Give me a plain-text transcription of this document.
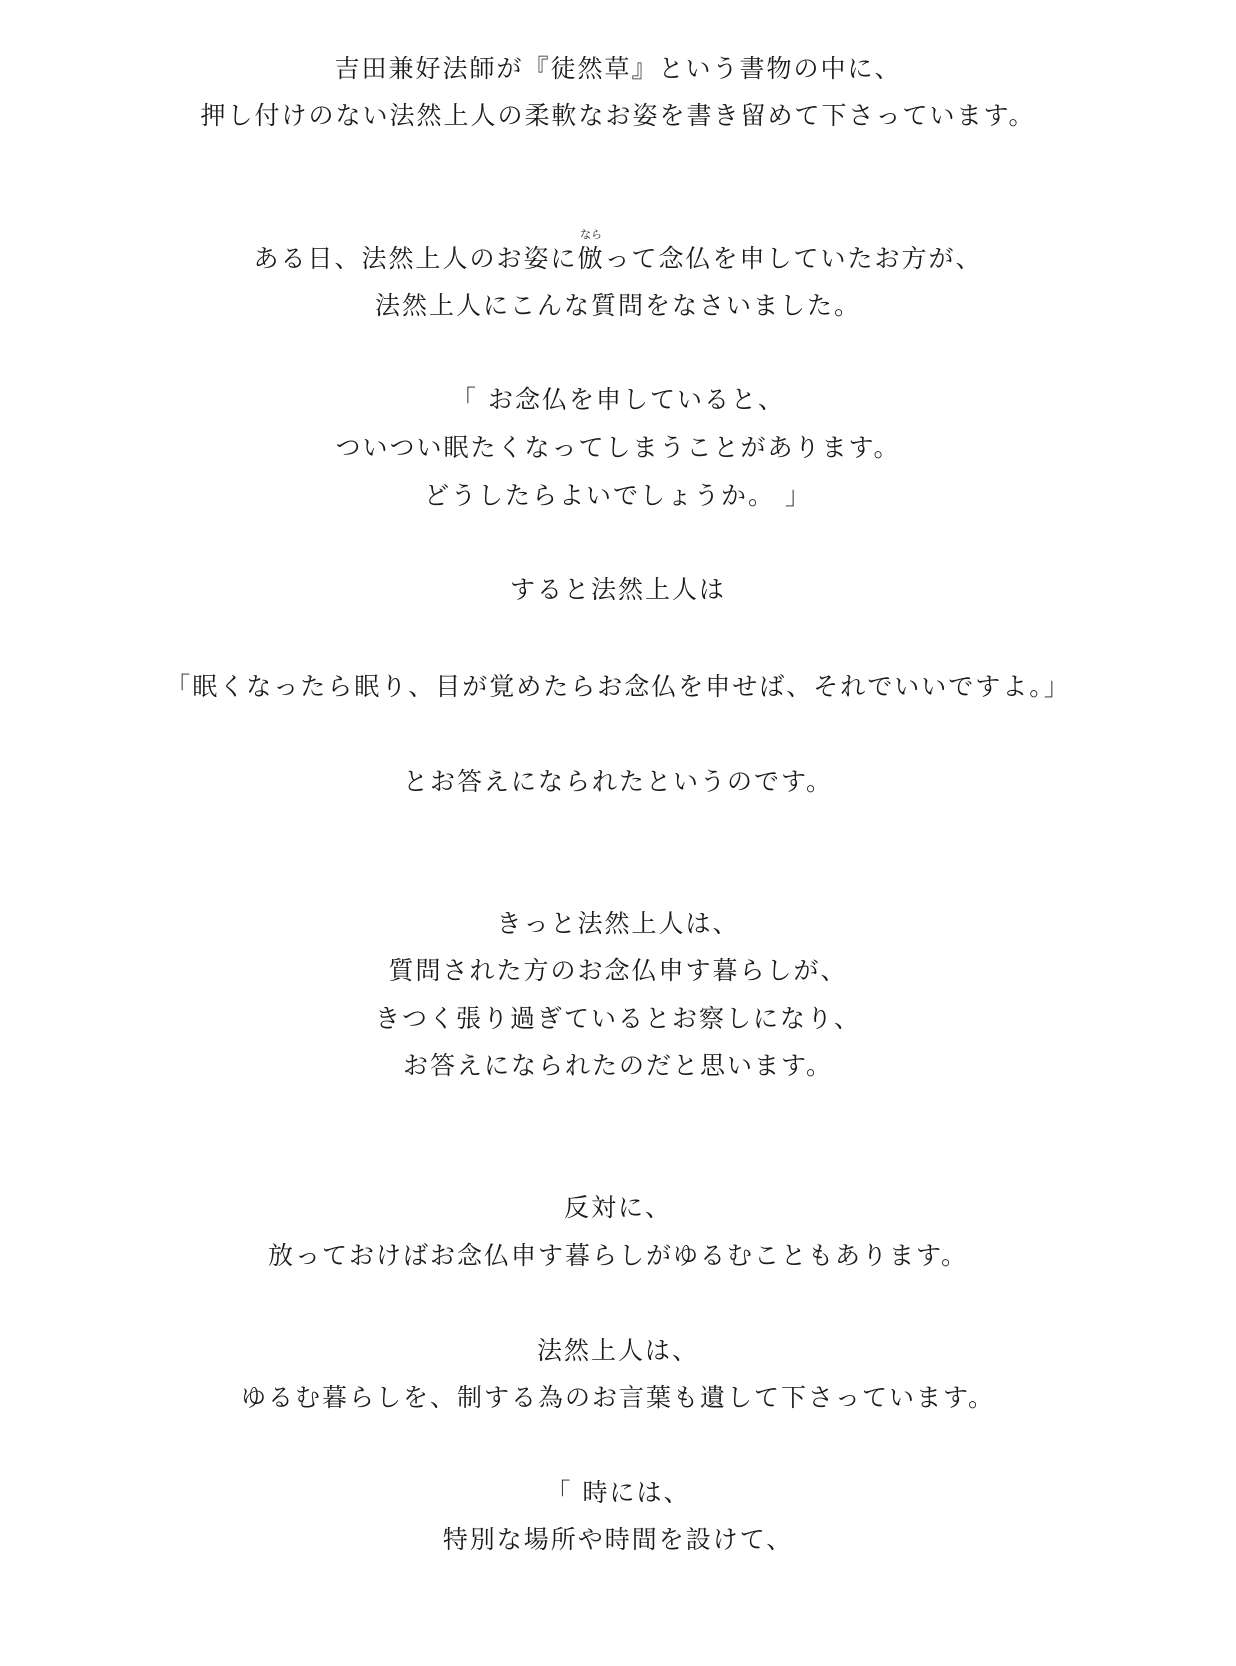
吉田兼好法師が『徒然草』という書物の中に、
押し付けのない法然上人の柔軟なお姿を書き留めて下さっています。
ある日、法然上人のお姿に
なら
倣って念仏を申していたお方が、
法然上人にこんな質問をなさいました。
「 お念仏を申していると、
ついつい眠たくなってしまうことがあります。
どうしたらよいでしょうか。 」
すると法然上人は
「眠くなったら眠り、目が覚めたらお念仏を申せば、それでいいですよ。」
とお答えになられたというのです。
きっと法然上人は、
質問された方のお念仏申す暮らしが、
きつく張り過ぎているとお察しになり、
お答えになられたのだと思います。
反対に、
放っておけばお念仏申す暮らしがゆるむこともあります。
法然上人は、
ゆるむ暮らしを、制する為のお言葉も遺して下さっています。
「 時には、
特別な場所や時間を設けて、
